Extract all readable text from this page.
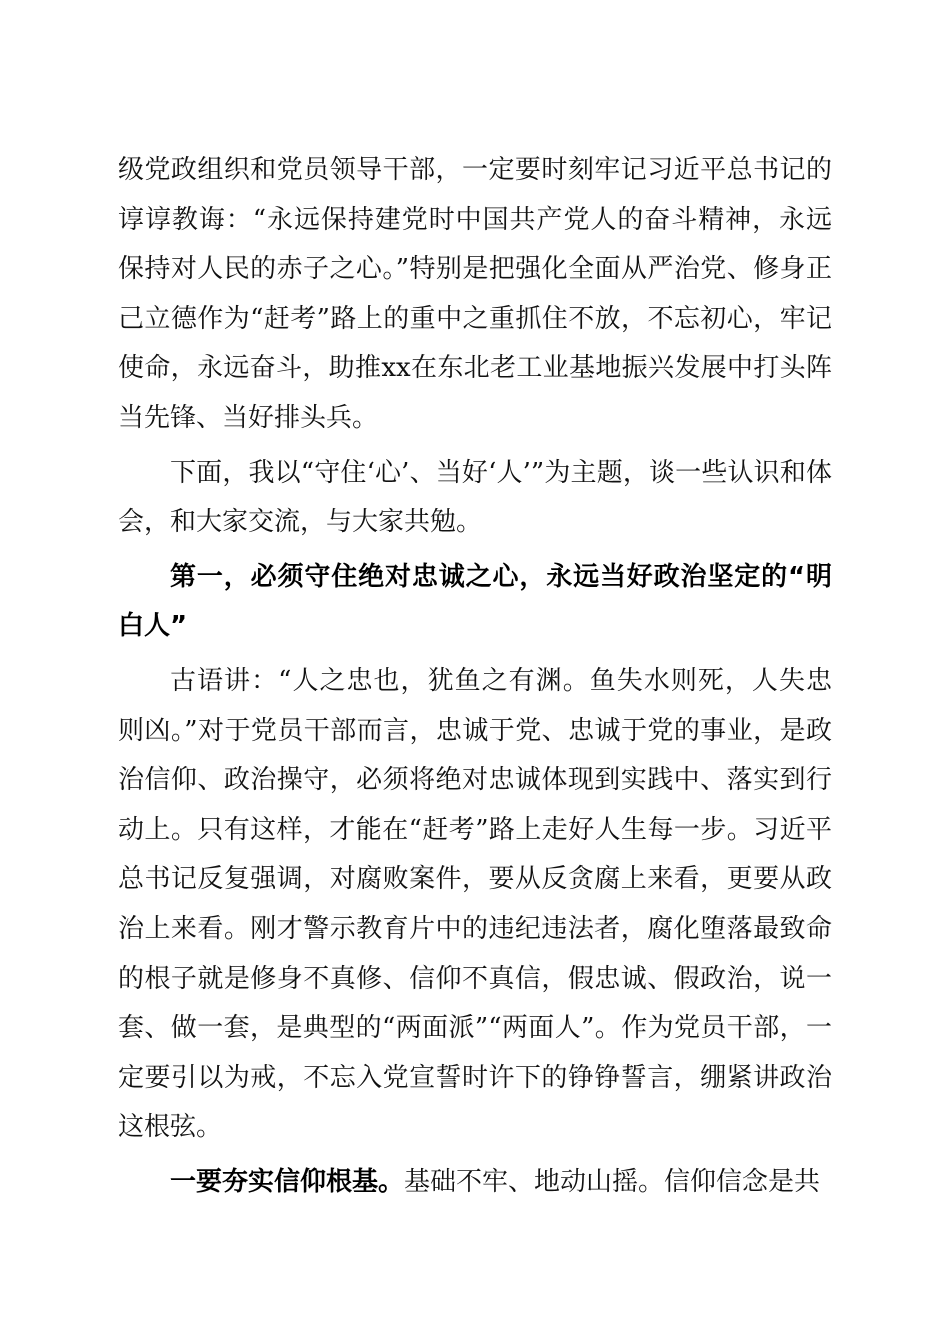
级党政组织和党员领导干部，一定要时刻牢记习近平总书记的谆谆教诲：“永远保持建党时中国共产党人的奋斗精神，永远保持对人民的赤子之心。”特别是把强化全面从严治党、修身正己立德作为“赶考”路上的重中之重抓住不放，不忘初心，牢记使命，永远奋斗，助推xx在东北老工业基地振兴发展中打头阵当先锋、当好排头兵。

下面，我以“守住‘心’、当好‘人’”为主题，谈一些认识和体会，和大家交流，与大家共勉。

第一，必须守住绝对忠诚之心，永远当好政治坚定的“明白人”

古语讲：“人之忠也，犹鱼之有渊。鱼失水则死，人失忠则凶。”对于党员干部而言，忠诚于党、忠诚于党的事业，是政治信仰、政治操守，必须将绝对忠诚体现到实践中、落实到行动上。只有这样，才能在“赶考”路上走好人生每一步。习近平总书记反复强调，对腐败案件，要从反贪腐上来看，更要从政治上来看。刚才警示教育片中的违纪违法者，腐化堕落最致命的根子就是修身不真修、信仰不真信，假忠诚、假政治，说一套、做一套，是典型的“两面派”“两面人”。作为党员干部，一定要引以为戒，不忘入党宣誓时许下的铮铮誓言，绷紧讲政治这根弦。

一要夯实信仰根基。基础不牢、地动山摇。信仰信念是共
